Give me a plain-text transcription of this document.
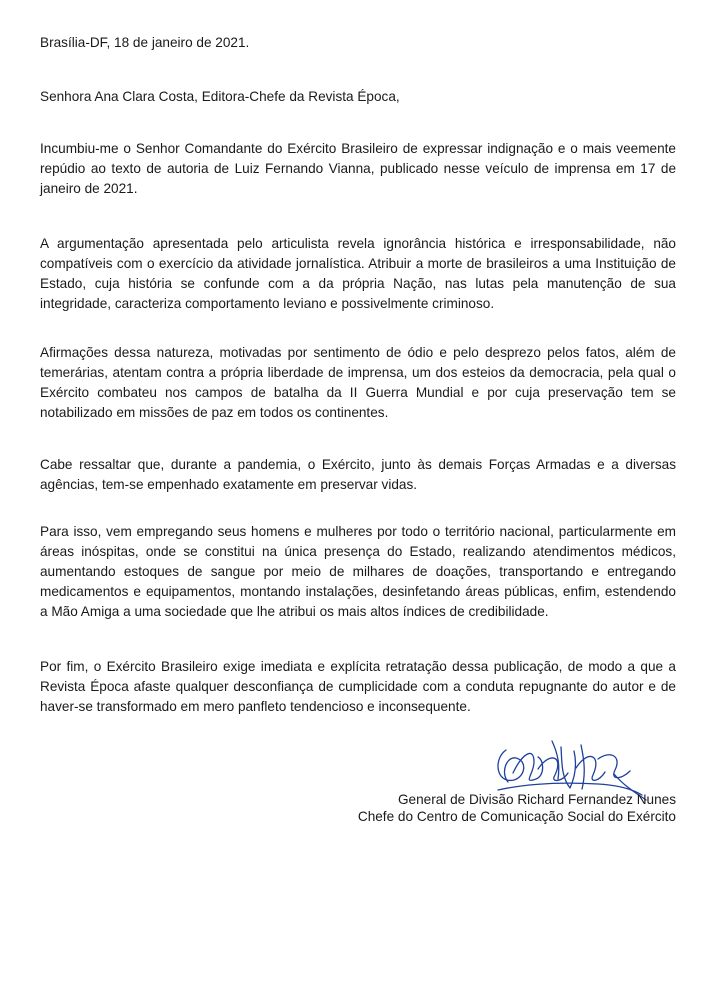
Brasília-DF, 18 de janeiro de 2021.

Senhora Ana Clara Costa, Editora-Chefe da Revista Época,

Incumbiu-me o Senhor Comandante do Exército Brasileiro de expressar indignação e o mais veemente repúdio ao texto de autoria de Luiz Fernando Vianna, publicado nesse veículo de imprensa em 17 de janeiro de 2021.

A argumentação apresentada pelo articulista revela ignorância histórica e irresponsabilidade, não compatíveis com o exercício da atividade jornalística. Atribuir a morte de brasileiros a uma Instituição de Estado, cuja história se confunde com a da própria Nação, nas lutas pela manutenção de sua integridade, caracteriza comportamento leviano e possivelmente criminoso.

Afirmações dessa natureza, motivadas por sentimento de ódio e pelo desprezo pelos fatos, além de temerárias, atentam contra a própria liberdade de imprensa, um dos esteios da democracia, pela qual o Exército combateu nos campos de batalha da II Guerra Mundial e por cuja preservação tem se notabilizado em missões de paz em todos os continentes.

Cabe ressaltar que, durante a pandemia, o Exército, junto às demais Forças Armadas e a diversas agências, tem-se empenhado exatamente em preservar vidas.

Para isso, vem empregando seus homens e mulheres por todo o território nacional, particularmente em áreas inóspitas, onde se constitui na única presença do Estado, realizando atendimentos médicos, aumentando estoques de sangue por meio de milhares de doações, transportando e entregando medicamentos e equipamentos, montando instalações, desinfetando áreas públicas, enfim, estendendo a Mão Amiga a uma sociedade que lhe atribui os mais altos índices de credibilidade.

Por fim, o Exército Brasileiro exige imediata e explícita retratação dessa publicação, de modo a que a Revista Época afaste qualquer desconfiança de cumplicidade com a conduta repugnante do autor e de haver-se transformado em mero panfleto tendencioso e inconsequente.

General de Divisão Richard Fernandez Nunes
Chefe do Centro de Comunicação Social do Exército
